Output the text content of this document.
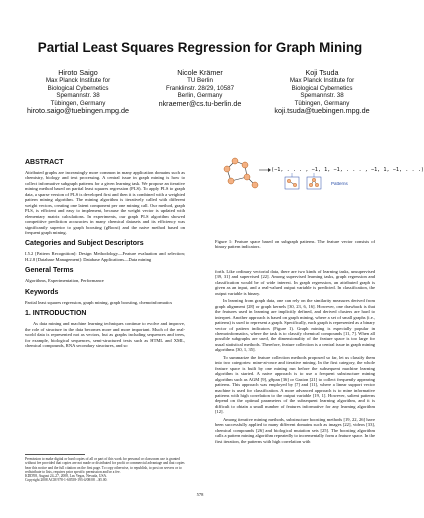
Partial Least Squares Regression for Graph Mining
Hiroto Saigo
Max Planck Institute for
Biological Cybernetics
Spemannstr. 38
Tübingen, Germany
hiroto.saigo@tuebingen.mpg.de
Nicole Krämer
TU Berlin
Franklinstr. 28/29, 10587
Berlin, Germany
nkraemer@cs.tu-berlin.de
Koji Tsuda
Max Planck Institute for
Biological Cybernetics
Spemannstr. 38
Tübingen, Germany
koji.tsuda@tuebingen.mpg.de
ABSTRACT

Attributed graphs are increasingly more common in many application domains such as chemistry, biology and text processing. A central issue in graph mining is how to collect informative subgraph patterns for a given learning task. We propose an iterative mining method based on partial least squares regression (PLS). To apply PLS to graph data, a sparse version of PLS is developed first and then it is combined with a weighted pattern mining algorithm. The mining algorithm is iteratively called with different weight vectors, creating one latent component per one mining call. Our method, graph PLS, is efficient and easy to implement, because the weight vector is updated with elementary matrix calculations. In experiments, our graph PLS algorithm showed competitive prediction accuracies in many chemical datasets and its efficiency was significantly superior to graph boosting (gBoost) and the naive method based on frequent graph mining.

Categories and Subject Descriptors

I.5.2 [Pattern Recognition]: Design Methodology—Feature evaluation and selection; H.2.8 [Database Management]: Database Applications—Data mining

General Terms

Algorithms, Experimentation, Performance

Keywords

Partial least squares regression, graph mining, graph boosting, chemoinformatics

1. INTRODUCTION

As data mining and machine learning techniques continue to evolve and improve, the role of structure in the data becomes more and more important. Much of the real-world data is represented not as vectors, but as graphs including sequences and trees, for example, biological sequences, semi-structured texts such as HTML and XML, chemical compounds, RNA secondary structures, and so

Permission to make digital or hard copies of all or part of this work for personal or classroom use is granted without fee provided that copies are not made or distributed for profit or commercial advantage and that copies bear this notice and the full citation on the first page. To copy otherwise, to republish, to post on servers or to redistribute to lists, requires prior specific permission and/or a fee.
KDD'08, August 24–27, 2008, Las Vegas, Nevada, USA.
Copyright 2008 ACM 978-1-60558-193-4/08/08 ...$5.00.
(−1, . . . , −1, 1, −1, . . . , −1, 1, −1, . . .)
Patterns
Figure 1: Feature space based on subgraph patterns. The feature vector consists of binary pattern indicators.

forth. Like ordinary vectorial data, there are two kinds of learning tasks, unsupervised [39, 31] and supervised [22]. Among supervised learning tasks, graph regression and classification would be of wide interest. In graph regression, an attributed graph is given as an input, and a real-valued output variable is predicted. In classification, the output variable is binary.

In learning from graph data, one can rely on the similarity measures derived from graph alignment [28] or graph kernels [30, 23, 6, 16]. However, one drawback is that the features used in learning are implicitly defined, and derived clusters are hard to interpret. Another approach is based on graph mining, where a set of small graphs (i.e., patterns) is used to represent a graph. Specifically, each graph is represented as a binary vector of pattern indicators (Figure 1). Graph mining is especially popular in chemoinformatics, where the task is to classify chemical compounds [11, 7]. When all possible subgraphs are used, the dimensionality of the feature space is too large for usual statistical methods. Therefore, feature collection is a central issue in graph mining algorithms [30, 1, 35].

To summarize the feature collection methods proposed so far, let us classify them into two categories: mine-at-once and iterative mining. In the first category, the whole feature space is built by one mining run before the subsequent machine learning algorithm is started. A naive approach is to use a frequent substructure mining algorithm such as AGM [9], gSpan [36] or Gaston [21] to collect frequently appearing patterns. This approach was employed by [7] and [11], where a linear support vector machine is used for classification. A more advanced approach is to mine informative patterns with high correlation to the output variable [19, 1]. However, salient patterns depend on the optimal parameters of the subsequent learning algorithm, and it is difficult to obtain a small number of features informative for any learning algorithm [12].

Among iterative mining methods, substructure boosting methods [19, 22, 26] have been successfully applied to many different domains such as images [22], videos [33], chemical compounds [26] and biological mutation sets [25]. The boosting algorithm calls a pattern mining algorithm repeatedly to incrementally form a feature space. In the first iteration, the patterns with high correlation with

578
